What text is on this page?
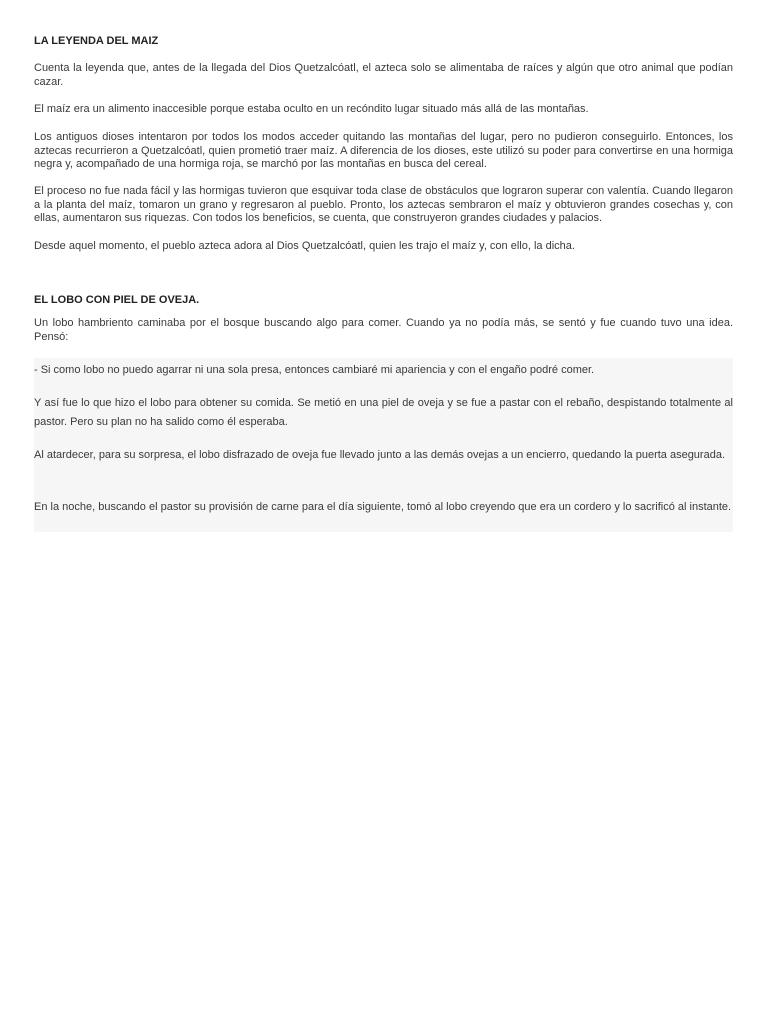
LA LEYENDA DEL MAIZ

Cuenta la leyenda que, antes de la llegada del Dios Quetzalcóatl, el azteca solo se alimentaba de raíces y algún que otro animal que podían cazar.

El maíz era un alimento inaccesible porque estaba oculto en un recóndito lugar situado más allá de las montañas.

Los antiguos dioses intentaron por todos los modos acceder quitando las montañas del lugar, pero no pudieron conseguirlo. Entonces, los aztecas recurrieron a Quetzalcóatl, quien prometió traer maíz. A diferencia de los dioses, este utilizó su poder para convertirse en una hormiga negra y, acompañado de una hormiga roja, se marchó por las montañas en busca del cereal.

El proceso no fue nada fácil y las hormigas tuvieron que esquivar toda clase de obstáculos que lograron superar con valentía. Cuando llegaron a la planta del maíz, tomaron un grano y regresaron al pueblo. Pronto, los aztecas sembraron el maíz y obtuvieron grandes cosechas y, con ellas, aumentaron sus riquezas. Con todos los beneficios, se cuenta, que construyeron grandes ciudades y palacios.

Desde aquel momento, el pueblo azteca adora al Dios Quetzalcóatl, quien les trajo el maíz y, con ello, la dicha.

EL LOBO CON PIEL DE OVEJA.

Un lobo hambriento caminaba por el bosque buscando algo para comer. Cuando ya no podía más, se sentó y fue cuando tuvo una idea. Pensó:

- Si como lobo no puedo agarrar ni una sola presa, entonces cambiaré mi apariencia y con el engaño podré comer.

Y así fue lo que hizo el lobo para obtener su comida. Se metió en una piel de oveja y se fue a pastar con el rebaño, despistando totalmente al pastor. Pero su plan no ha salido como él esperaba.

Al atardecer, para su sorpresa, el lobo disfrazado de oveja fue llevado junto a las demás ovejas a un encierro, quedando la puerta asegurada.

En la noche, buscando el pastor su provisión de carne para el día siguiente, tomó al lobo creyendo que era un cordero y lo sacrificó al instante.
